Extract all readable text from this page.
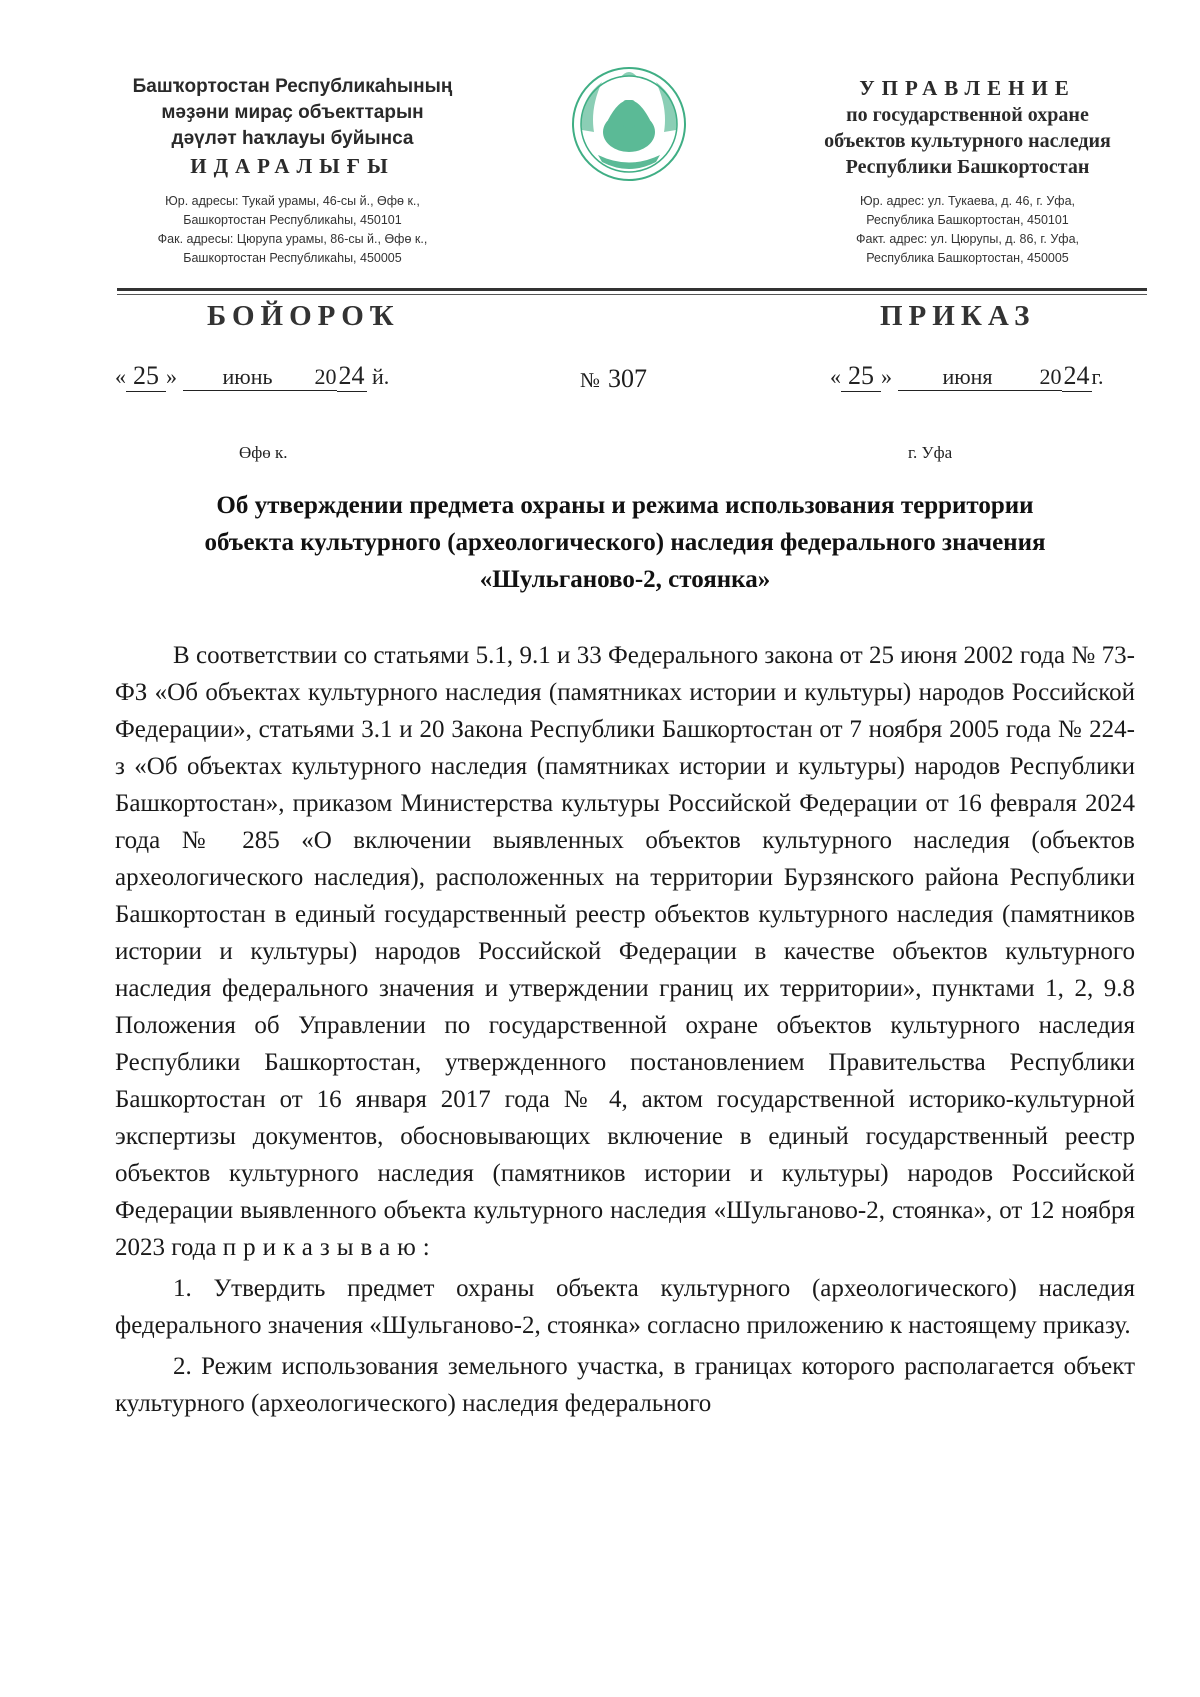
Башҡортостан Республикаһының
мәҙәни мираҫ объекттарын
дәүләт һаҡлауы буйынса
ИДАРАЛЫҒЫ
Юр. адресы: Тукай урамы, 46-сы й., Өфө к.,
Башкортостан Республикаһы, 450101
Фак. адресы: Цюрупа урамы, 86-сы й., Өфө к.,
Башкортостан Республикаһы, 450005
УПРАВЛЕНИЕ
по государственной охране
объектов культурного наследия
Республики Башкортостан
Юр. адрес: ул. Тукаева, д. 46, г. Уфа,
Республика Башкортостан, 450101
Факт. адрес: ул. Цюрупы, д. 86, г. Уфа,
Республика Башкортостан, 450005
БОЙОРОҠ	ПРИКАЗ
« 25 » июнь 2024 й.	№ 307	« 25 » июня 2024г.
Өфө к.	г. Уфа
Об утверждении предмета охраны и режима использования территории
объекта культурного (археологического) наследия федерального значения
«Шульганово-2, стоянка»

В соответствии со статьями 5.1, 9.1 и 33 Федерального закона от 25 июня 2002 года № 73-ФЗ «Об объектах культурного наследия (памятниках истории и культуры) народов Российской Федерации», статьями 3.1 и 20 Закона Республики Башкортостан от 7 ноября 2005 года № 224-з «Об объектах культурного наследия (памятниках истории и культуры) народов Республики Башкортостан», приказом Министерства культуры Российской Федерации от 16 февраля 2024 года № 285 «О включении выявленных объектов культурного наследия (объектов археологического наследия), расположенных на территории Бурзянского района Республики Башкортостан в единый государственный реестр объектов культурного наследия (памятников истории и культуры) народов Российской Федерации в качестве объектов культурного наследия федерального значения и утверждении границ их территории», пунктами 1, 2, 9.8 Положения об Управлении по государственной охране объектов культурного наследия Республики Башкортостан, утвержденного постановлением Правительства Республики Башкортостан от 16 января 2017 года № 4, актом государственной историко-культурной экспертизы документов, обосновывающих включение в единый государственный реестр объектов культурного наследия (памятников истории и культуры) народов Российской Федерации выявленного объекта культурного наследия «Шульганово-2, стоянка», от 12 ноября 2023 года приказываю:

1. Утвердить предмет охраны объекта культурного (археологического) наследия федерального значения «Шульганово-2, стоянка» согласно приложению к настоящему приказу.

2. Режим использования земельного участка, в границах которого располагается объект культурного (археологического) наследия федерального
